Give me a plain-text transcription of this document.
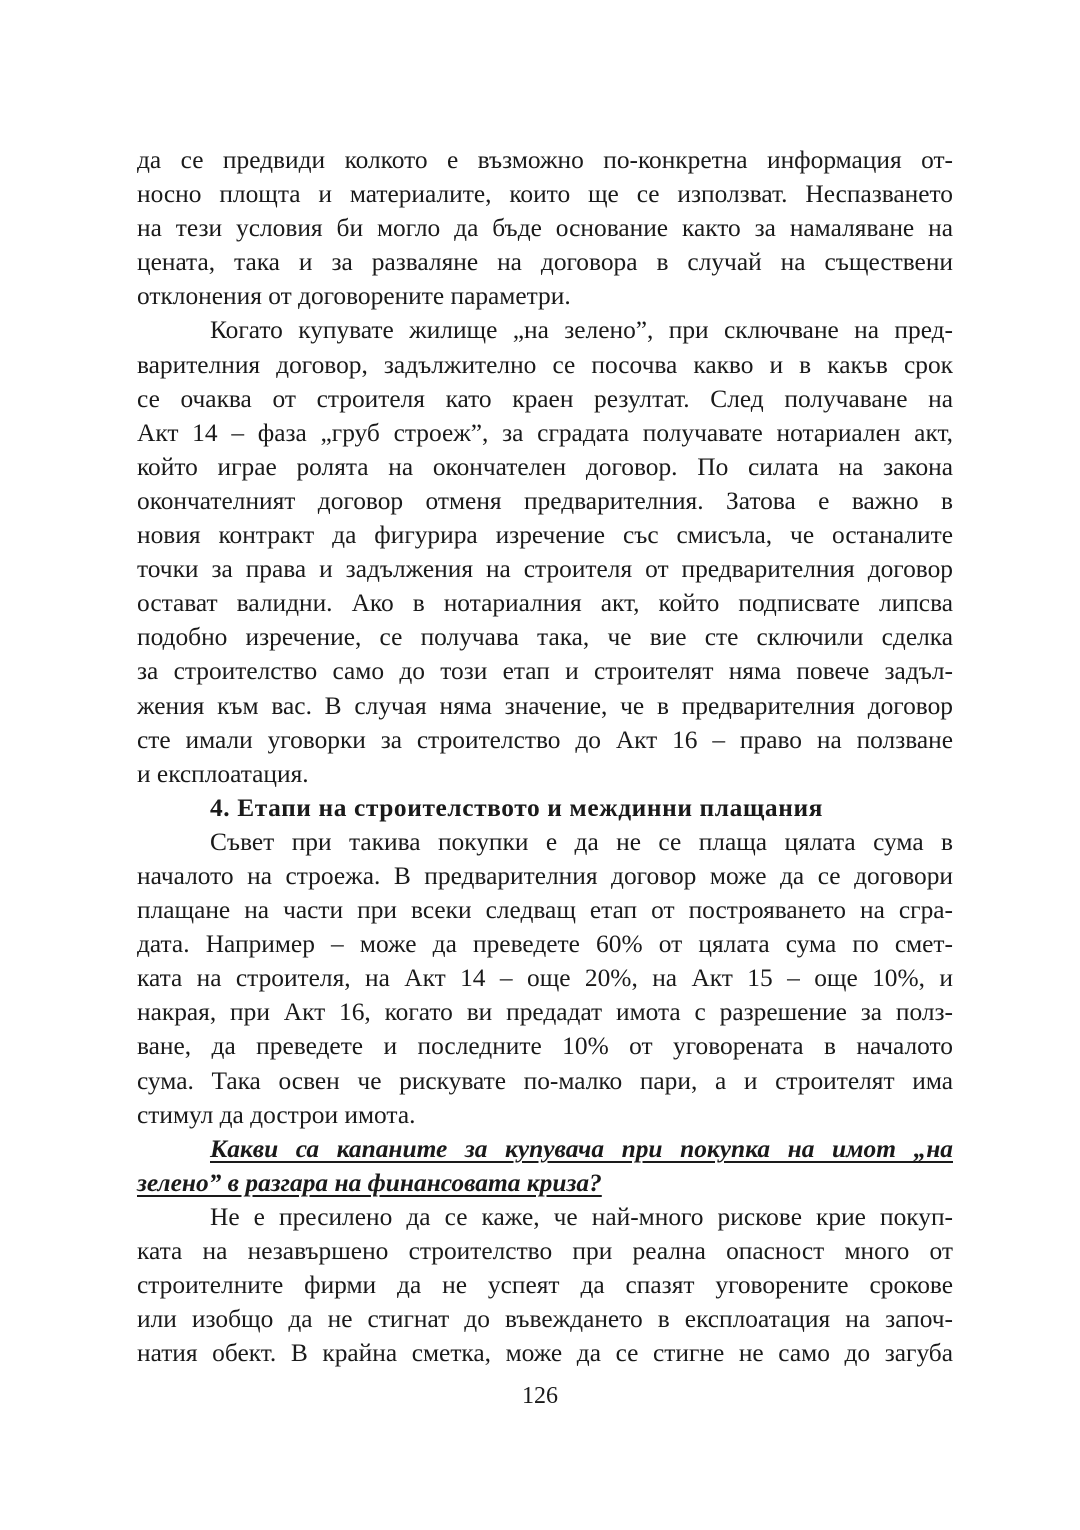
да се предвиди колкото е възможно по-конкретна информация от-
носно площта и материалите, които ще се използват. Неспазването
на тези условия би могло да бъде основание както за намаляване на
цената, така и за разваляне на договора в случай на съществени
отклонения от договорените параметри.
Когато купувате жилище „на зелено”, при сключване на пред-
варителния договор, задължително се посочва какво и в какъв срок
се очаква от строителя като краен резултат. След получаване на
Акт 14 – фаза „груб строеж”, за сградата получавате нотариален акт,
който играе ролята на окончателен договор. По силата на закона
окончателният договор отменя предварителния. Затова е важно в
новия контракт да фигурира изречение със смисъла, че останалите
точки за права и задължения на строителя от предварителния договор
остават валидни. Ако в нотариалния акт, който подписвате липсва
подобно изречение, се получава така, че вие сте сключили сделка
за строителство само до този етап и строителят няма повече задъл-
жения към вас. В случая няма значение, че в предварителния договор
сте имали уговорки за строителство до Акт 16 – право на ползване
и експлоатация.
4. Етапи на строителството и междинни плащания
Съвет при такива покупки е да не се плаща цялата сума в
началото на строежа. В предварителния договор може да се договори
плащане на части при всеки следващ етап от построяването на сгра-
дата. Например – може да преведете 60% от цялата сума по смет-
ката на строителя, на Акт 14 – още 20%, на Акт 15 – още 10%, и
накрая, при Акт 16, когато ви предадат имота с разрешение за полз-
ване, да преведете и последните 10% от уговорената в началото
сума. Така освен че рискувате по-малко пари, а и строителят има
стимул да дострои имота.
Какви са капаните за купувача при покупка на имот „на
зелено” в разгара на финансовата криза?
Не е пресилено да се каже, че най-много рискове крие покуп-
ката на незавършено строителство при реална опасност много от
строителните фирми да не успеят да спазят уговорените срокове
или изобщо да не стигнат до въвеждането в експлоатация на започ-
натия обект. В крайна сметка, може да се стигне не само до загуба
126
